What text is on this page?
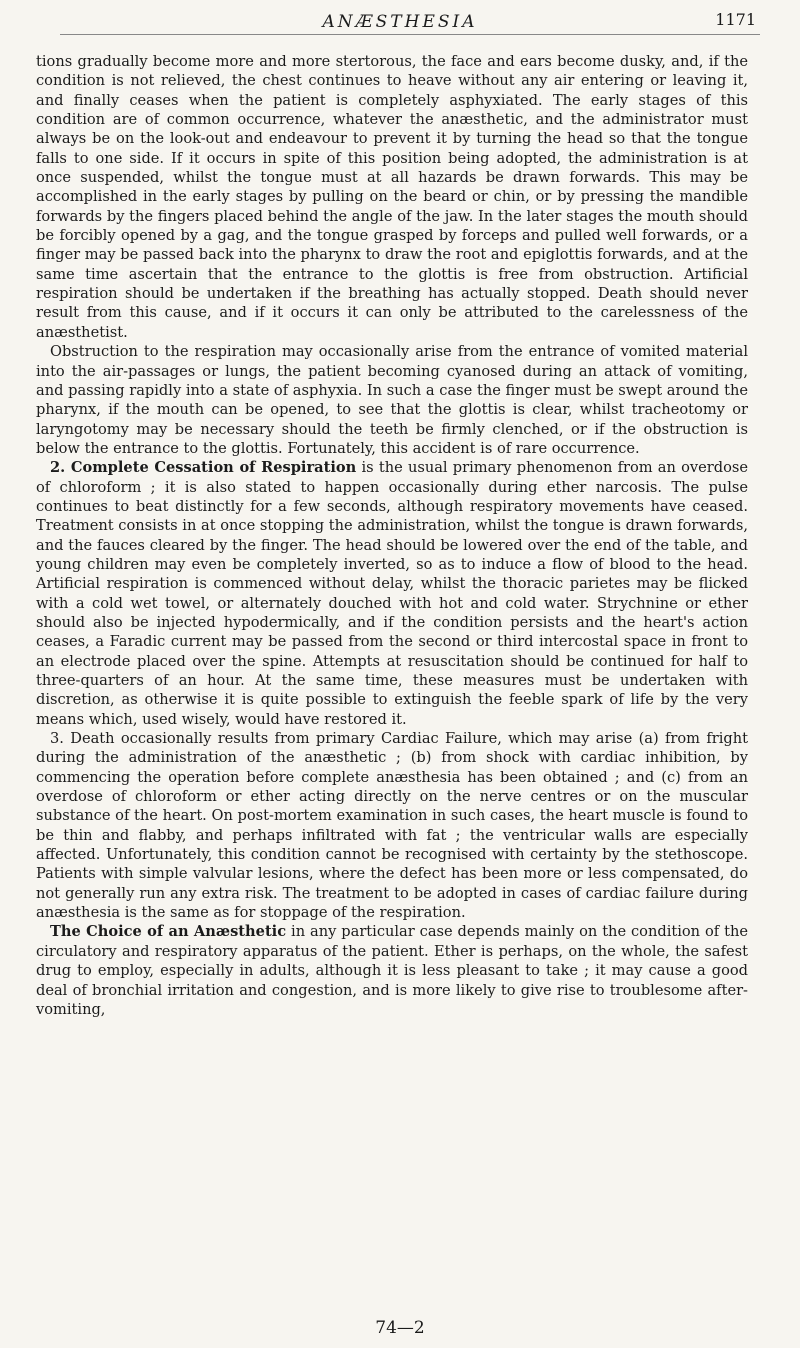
ANÆSTHESIA	1171

tions gradually become more and more stertorous, the face and ears become dusky, and, if the condition is not relieved, the chest continues to heave without any air entering or leaving it, and finally ceases when the patient is completely asphyxiated. The early stages of this condition are of common occurrence, whatever the anæsthetic, and the administrator must always be on the look-out and endeavour to prevent it by turning the head so that the tongue falls to one side. If it occurs in spite of this position being adopted, the administration is at once suspended, whilst the tongue must at all hazards be drawn forwards. This may be accomplished in the early stages by pulling on the beard or chin, or by pressing the mandible forwards by the fingers placed behind the angle of the jaw. In the later stages the mouth should be forcibly opened by a gag, and the tongue grasped by forceps and pulled well forwards, or a finger may be passed back into the pharynx to draw the root and epiglottis forwards, and at the same time ascertain that the entrance to the glottis is free from obstruction. Artificial respiration should be undertaken if the breathing has actually stopped. Death should never result from this cause, and if it occurs it can only be attributed to the carelessness of the anæsthetist.

Obstruction to the respiration may occasionally arise from the entrance of vomited material into the air-passages or lungs, the patient becoming cyanosed during an attack of vomiting, and passing rapidly into a state of asphyxia. In such a case the finger must be swept around the pharynx, if the mouth can be opened, to see that the glottis is clear, whilst tracheotomy or laryngotomy may be necessary should the teeth be firmly clenched, or if the obstruction is below the entrance to the glottis. Fortunately, this accident is of rare occurrence.

2. Complete Cessation of Respiration is the usual primary phenomenon from an overdose of chloroform ; it is also stated to happen occasionally during ether narcosis. The pulse continues to beat distinctly for a few seconds, although respiratory movements have ceased. Treatment consists in at once stopping the administration, whilst the tongue is drawn forwards, and the fauces cleared by the finger. The head should be lowered over the end of the table, and young children may even be completely inverted, so as to induce a flow of blood to the head. Artificial respiration is commenced without delay, whilst the thoracic parietes may be flicked with a cold wet towel, or alternately douched with hot and cold water. Strychnine or ether should also be injected hypodermically, and if the condition persists and the heart's action ceases, a Faradic current may be passed from the second or third intercostal space in front to an electrode placed over the spine. Attempts at resuscitation should be continued for half to three-quarters of an hour. At the same time, these measures must be undertaken with discretion, as otherwise it is quite possible to extinguish the feeble spark of life by the very means which, used wisely, would have restored it.

3. Death occasionally results from primary Cardiac Failure, which may arise (a) from fright during the administration of the anæsthetic ; (b) from shock with cardiac inhibition, by commencing the operation before complete anæsthesia has been obtained ; and (c) from an overdose of chloroform or ether acting directly on the nerve centres or on the muscular substance of the heart. On post-mortem examination in such cases, the heart muscle is found to be thin and flabby, and perhaps infiltrated with fat ; the ventricular walls are especially affected. Unfortunately, this condition cannot be recognised with certainty by the stethoscope. Patients with simple valvular lesions, where the defect has been more or less compensated, do not generally run any extra risk. The treatment to be adopted in cases of cardiac failure during anæsthesia is the same as for stoppage of the respiration.

The Choice of an Anæsthetic in any particular case depends mainly on the condition of the circulatory and respiratory apparatus of the patient. Ether is perhaps, on the whole, the safest drug to employ, especially in adults, although it is less pleasant to take ; it may cause a good deal of bronchial irritation and congestion, and is more likely to give rise to troublesome after-vomiting,

74—2
